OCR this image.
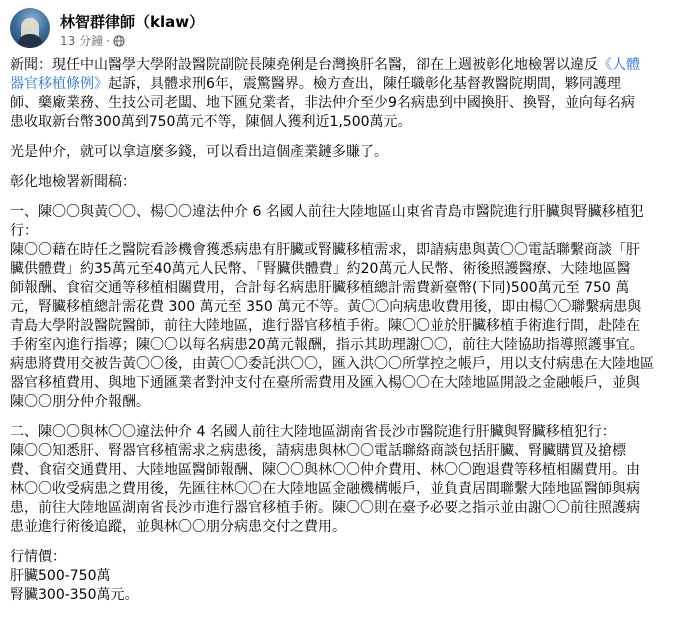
林智群律師（klaw）
13 分鐘 ·

新聞：現任中山醫學大學附設醫院副院長陳堯俐是台灣換肝名醫，卻在上週被彰化地檢署以違反《人體
器官移植條例》起訴，具體求刑6年，震驚醫界。檢方查出，陳任職彰化基督教醫院期間，夥同護理
師、藥廠業務、生技公司老闆、地下匯兌業者，非法仲介至少9名病患到中國換肝、換腎，並向每名病
患收取新台幣300萬到750萬元不等，陳個人獲利近1,500萬元。

光是仲介，就可以拿這麼多錢，可以看出這個產業鏈多賺了。

彰化地檢署新聞稿：

一、陳〇〇與黃〇〇、楊〇〇違法仲介 6 名國人前往大陸地區山東省青島市醫院進行肝臟與腎臟移植犯
行：
陳〇〇藉在時任之醫院看診機會獲悉病患有肝臟或腎臟移植需求，即請病患與黃〇〇電話聯繫商談「肝
臟供體費」約35萬元至40萬元人民幣、「腎臟供體費」約20萬元人民幣、術後照護醫療、大陸地區醫
師報酬、食宿交通等移植相關費用，合計每名病患肝臟移植總計需費新臺幣(下同)500萬元至 750 萬
元，腎臟移植總計需花費 300 萬元至 350 萬元不等。黃〇〇向病患收費用後，即由楊〇〇聯繫病患與
青島大學附設醫院醫師，前往大陸地區，進行器官移植手術。陳〇〇並於肝臟移植手術進行間，赴陸在
手術室內進行指導；陳〇〇以每名病患20萬元報酬，指示其助理謝〇〇，前往大陸協助指導照護事宜。
病患將費用交被告黃〇〇後，由黃〇〇委託洪〇〇，匯入洪〇〇所掌控之帳戶，用以支付病患在大陸地區
器官移植費用、與地下通匯業者對沖支付在臺所需費用及匯入楊〇〇在大陸地區開設之金融帳戶，並與
陳〇〇朋分仲介報酬。

二、陳〇〇與林〇〇違法仲介 4 名國人前往大陸地區湖南省長沙市醫院進行肝臟與腎臟移植犯行：
陳〇〇知悉肝、腎器官移植需求之病患後，請病患與林〇〇電話聯絡商談包括肝臟、腎臟購買及搶標
費、食宿交通費用、大陸地區醫師報酬、陳〇〇與林〇〇仲介費用、林〇〇跑退費等移植相關費用。由
林〇〇收受病患之費用後，先匯往林〇〇在大陸地區金融機構帳戶，並負責居間聯繫大陸地區醫師與病
患，前往大陸地區湖南省長沙市進行器官移植手術。陳〇〇則在臺予必要之指示並由謝〇〇前往照護病
患並進行術後追蹤，並與林〇〇朋分病患交付之費用。

行情價：
肝臟500-750萬
腎臟300-350萬元。
